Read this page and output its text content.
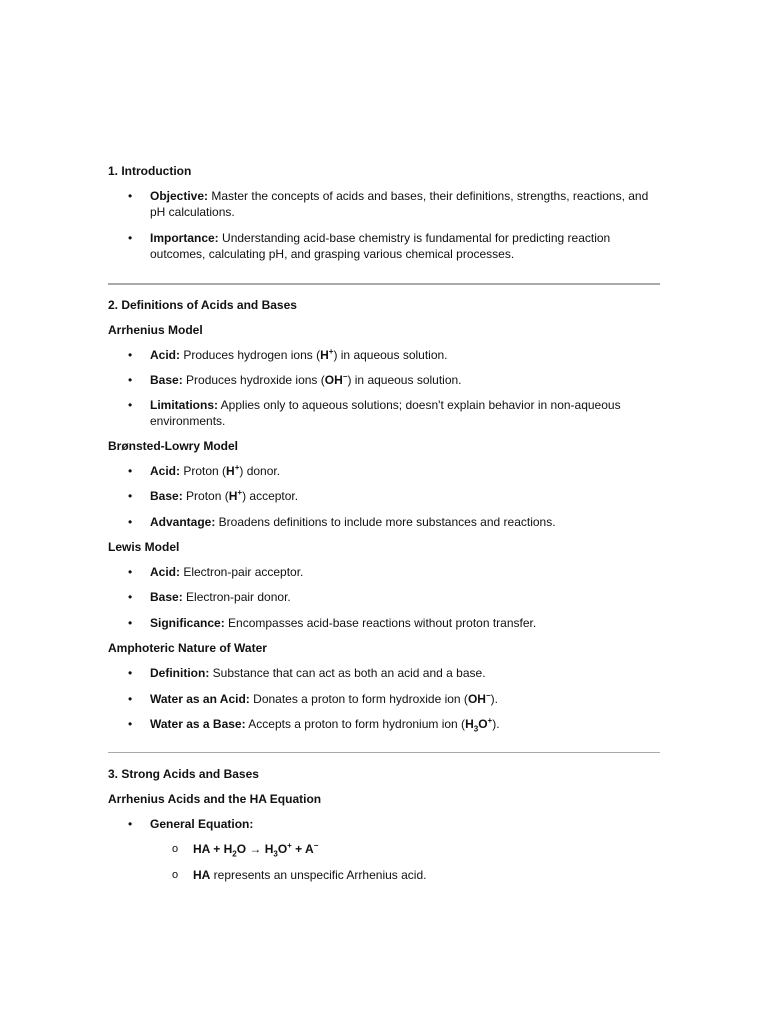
1. Introduction

• Objective: Master the concepts of acids and bases, their definitions, strengths, reactions, and pH calculations.
• Importance: Understanding acid-base chemistry is fundamental for predicting reaction outcomes, calculating pH, and grasping various chemical processes.

2. Definitions of Acids and Bases

Arrhenius Model

• Acid: Produces hydrogen ions (H+) in aqueous solution.
• Base: Produces hydroxide ions (OH−) in aqueous solution.
• Limitations: Applies only to aqueous solutions; doesn't explain behavior in non-aqueous environments.

Brønsted-Lowry Model

• Acid: Proton (H+) donor.
• Base: Proton (H+) acceptor.
• Advantage: Broadens definitions to include more substances and reactions.

Lewis Model

• Acid: Electron-pair acceptor.
• Base: Electron-pair donor.
• Significance: Encompasses acid-base reactions without proton transfer.

Amphoteric Nature of Water

• Definition: Substance that can act as both an acid and a base.
• Water as an Acid: Donates a proton to form hydroxide ion (OH−).
• Water as a Base: Accepts a proton to form hydronium ion $(H_3O^+)$.

3. Strong Acids and Bases

Arrhenius Acids and the HA Equation

• General Equation:
o HA + $H_2O \to H_3O^+ + A^-$
o HA represents an unspecific Arrhenius acid.
